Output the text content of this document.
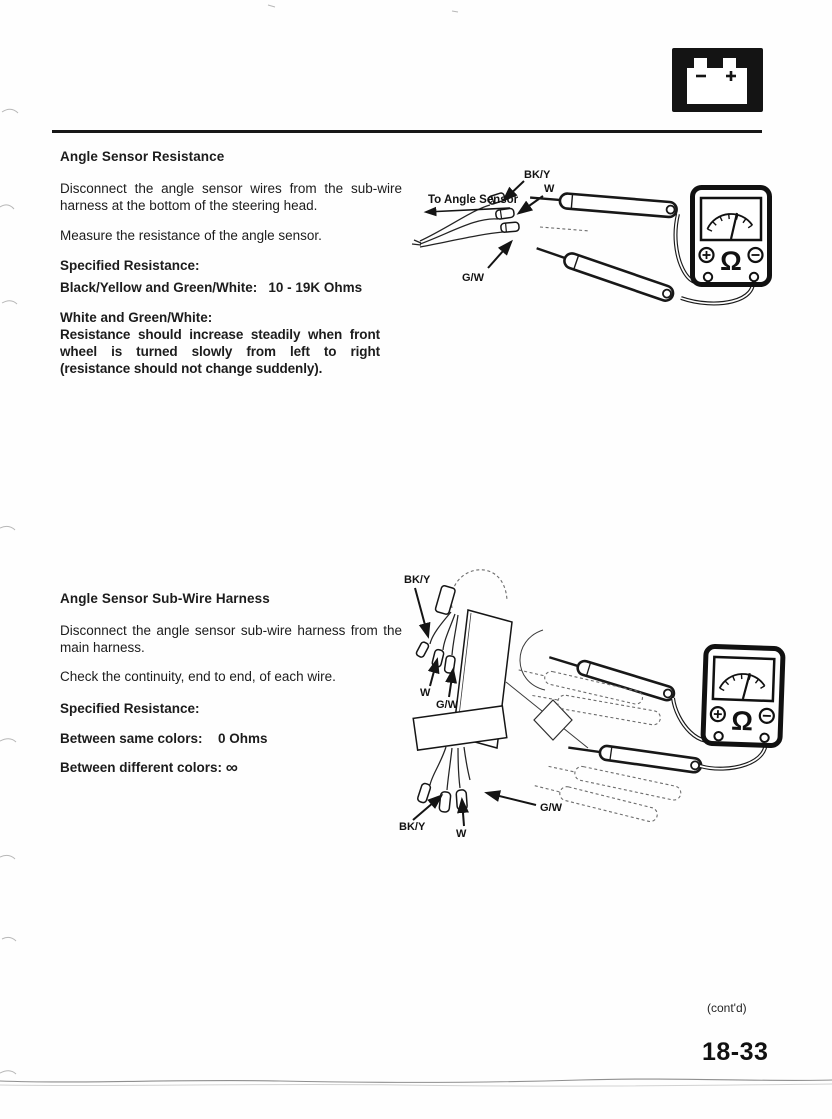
Ω
To Angle Sensor
BK/Y
W
G/W
BK/Y
W
G/W
BK/Y
W
G/W
Angle Sensor Resistance

Disconnect the angle sensor wires from the sub-wire harness at the bottom of the steering head.

Measure the resistance of the angle sensor.

Specified Resistance:

Black/Yellow and Green/White: 10 - 19K Ohms

White and Green/White:

Resistance should increase steadily when front wheel is turned slowly from left to right (resistance should not change suddenly).

Angle Sensor Sub-Wire Harness

Disconnect the angle sensor sub-wire harness from the main harness.

Check the continuity, end to end, of each wire.

Specified Resistance:

Between same colors: 0 Ohms

Between different colors: ∞

(cont'd)
18-33
